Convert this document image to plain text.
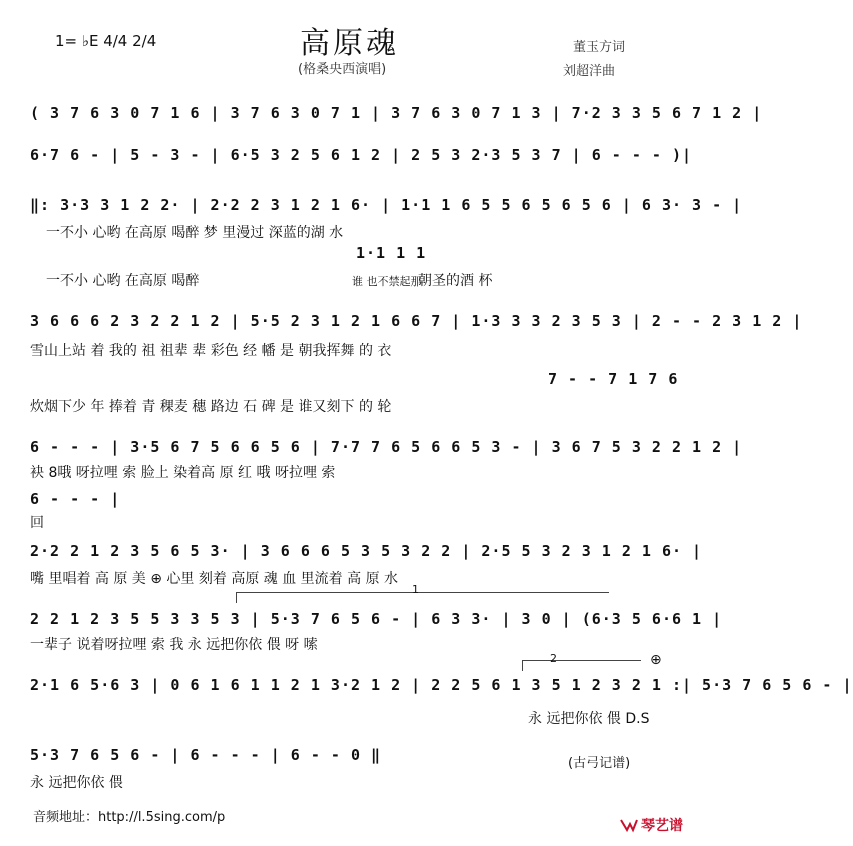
高原魂
1= ♭E 4/4 2/4
(格桑央西演唱)
董玉方词
刘超洋曲
( 3 7 6 3 0 7 1 6 | 3 7 6 3 0 7 1 | 3 7 6 3 0 7 1 3 | 7·2 3 3 5 6 7 1 2 |
6·7 6 - | 5 - 3 - | 6·5 3 2 5 6 1 2 | 2 5 3 2·3 5 3 7 | 6 - - - )|
‖: 3·3 3 1 2 2· | 2·2 2 3 1 2 1 6· | 1·1 1 6 5 5 6 5 6 5 6 | 6 3· 3 - |
一不小 心哟 在高原 喝醉 梦 里漫过 深蓝的湖 水
1·1 1 1
一不小 心哟 在高原 喝醉	谁 也不禁起那
朝圣的酒 杯
3 6 6 6 2 3 2 2 1 2 | 5·5 2 3 1 2 1 6 6 7 | 1·3 3 3 2 3 5 3 | 2 - - 2 3 1 2 |
雪山上站 着 我的 祖 祖辈 辈 彩色 经 幡 是 朝我挥舞 的 衣
7 - - 7 1 7 6
炊烟下少 年 捧着 青 稞麦 穗 路边 石 碑 是 谁又刻下 的 轮
6 - - - | 3·5 6 7 5 6 6 5 6 | 7·7 7 6 5 6 6 5 3 - | 3 6 7 5 3 2 2 1 2 |
袂 8哦 呀拉哩 索 脸上 染着高 原 红 哦 呀拉哩 索
6 - - - |
回
2·2 2 1 2 3 5 6 5 3· | 3 6 6 6 5 3 5 3 2 2 | 2·5 5 3 2 3 1 2 1 6· |
嘴 里唱着 高 原 美 ⊕ 心里 刻着 高原 魂 血 里流着 高 原 水
1
2 2 1 2 3 5 5 3 3 5 3 | 5·3 7 6 5 6 - | 6 3 3· | 3 0 | (6·3 5 6·6 1 |
一辈子 说着呀拉哩 索 我 永 远把你依 偎 呀 嗦
2	⊕
2·1 6 5·6 3 | 0 6 1 6 1 1 2 1 3·2 1 2 | 2 2 5 6 1 3 5 1 2 3 2 1 :| 5·3 7 6 5 6 - |
永 远把你依 偎 D.S
5·3 7 6 5 6 - | 6 - - - | 6 - - 0 ‖
永 远把你依 偎
(古弓记谱)
音频地址：http://l.5sing.com/p
琴艺谱
